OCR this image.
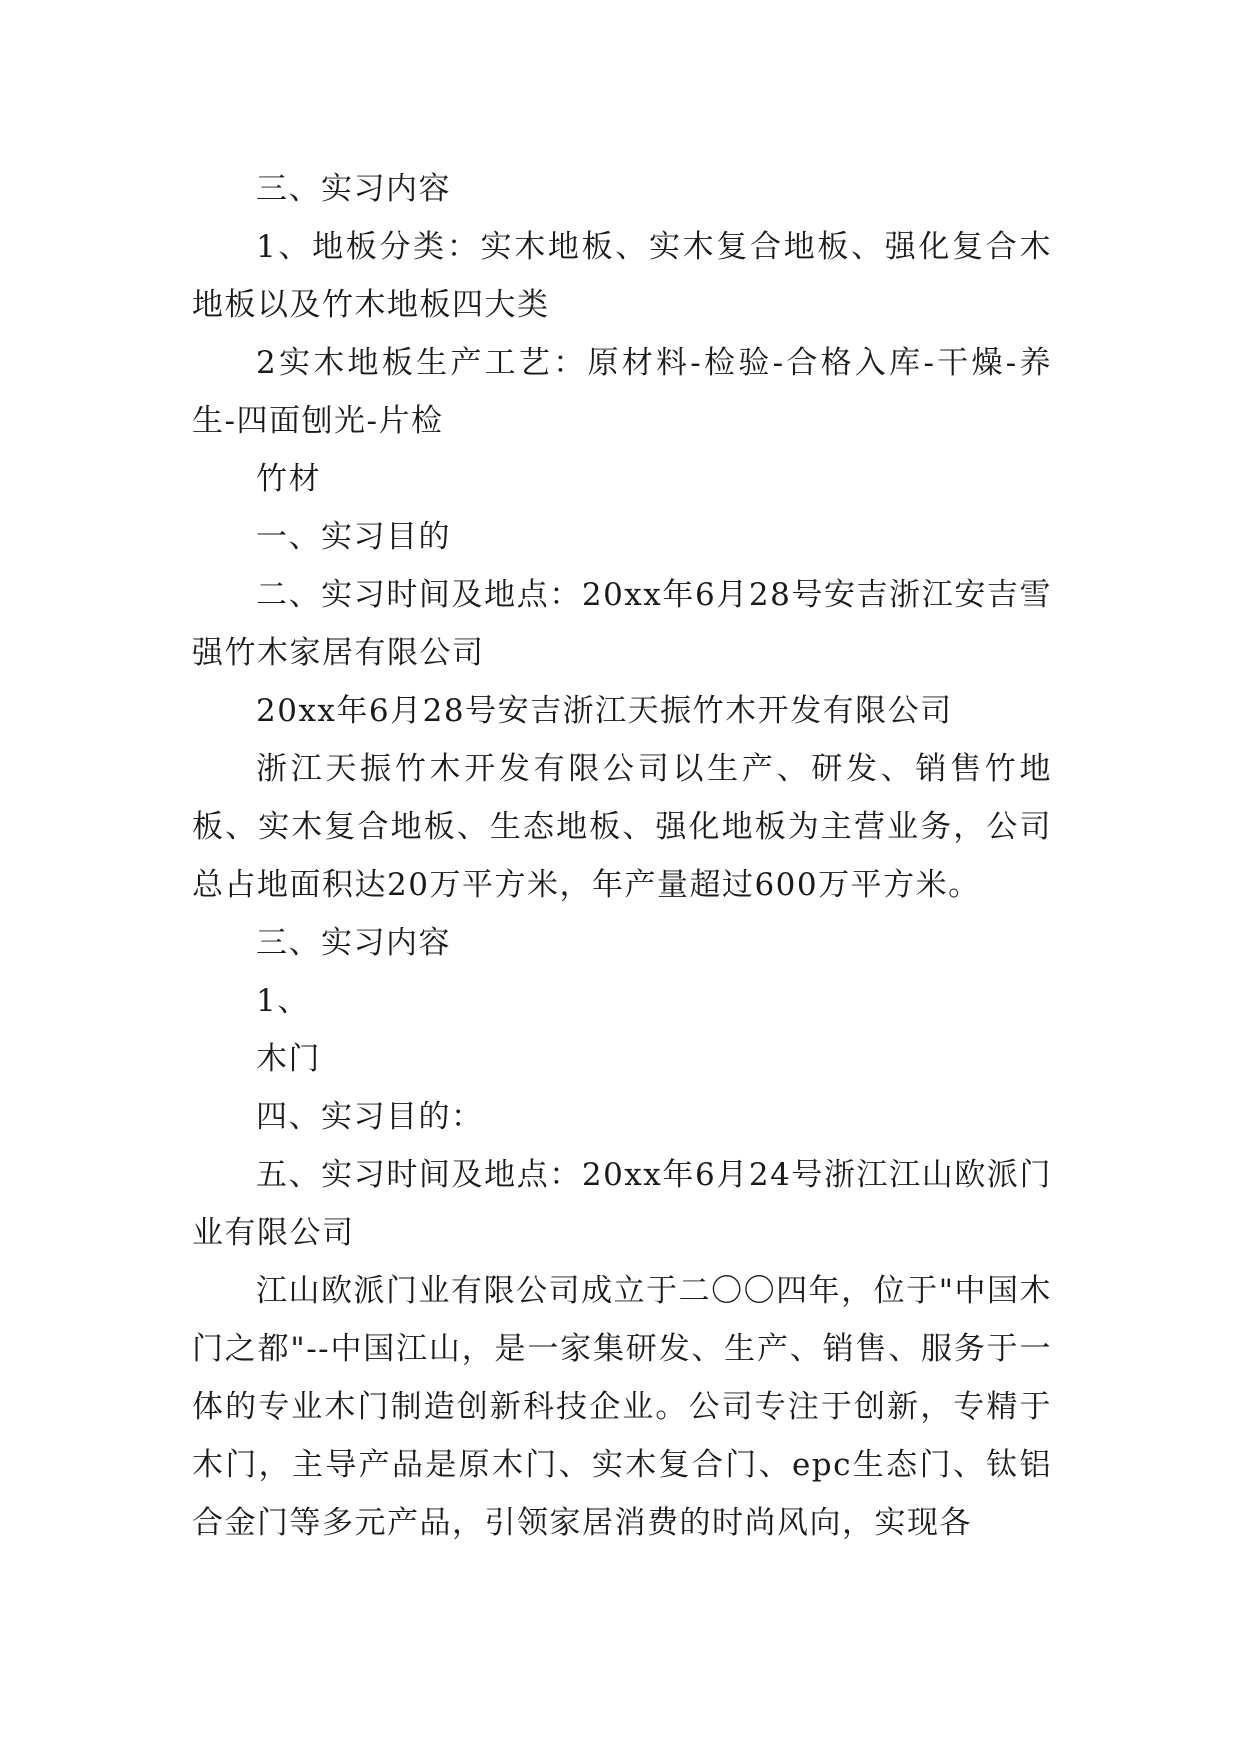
三、实习内容

1、地板分类：实木地板、实木复合地板、强化复合木地板以及竹木地板四大类

2实木地板生产工艺：原材料-检验-合格入库-干燥-养生-四面刨光-片检

竹材

一、实习目的

二、实习时间及地点：20xx年6月28号安吉浙江安吉雪强竹木家居有限公司

20xx年6月28号安吉浙江天振竹木开发有限公司

浙江天振竹木开发有限公司以生产、研发、销售竹地板、实木复合地板、生态地板、强化地板为主营业务，公司总占地面积达20万平方米，年产量超过600万平方米。

三、实习内容

1、

木门

四、实习目的：

五、实习时间及地点：20xx年6月24号浙江江山欧派门业有限公司

江山欧派门业有限公司成立于二〇〇四年，位于"中国木门之都"--中国江山，是一家集研发、生产、销售、服务于一体的专业木门制造创新科技企业。公司专注于创新，专精于木门，主导产品是原木门、实木复合门、epc生态门、钛铝合金门等多元产品，引领家居消费的时尚风向，实现各
